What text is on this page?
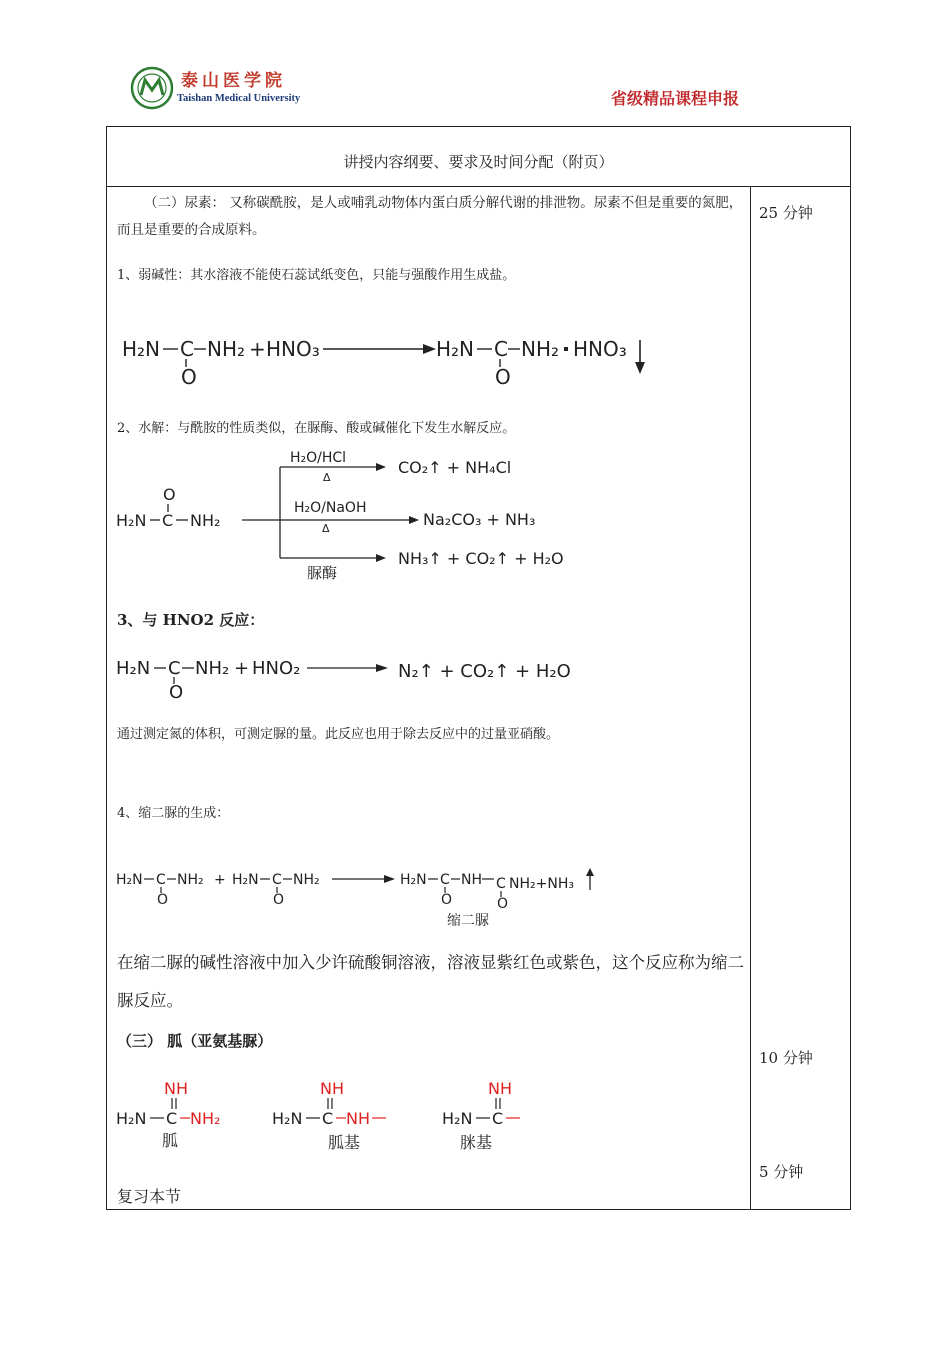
泰山医学院
Taishan Medical University	省级精品课程申报
讲授内容纲要、要求及时间分配（附页）
（二）尿素： 又称碳酰胺，是人或哺乳动物体内蛋白质分解代谢的排泄物。尿素不但是重要的氮肥，而且是重要的合成原料。
1、弱碱性：其水溶液不能使石蕊试纸变色，只能与强酸作用生成盐。
H₂N C
O
NH₂ + HNO₃	H₂N C
O
NH₂ HNO₃
2、水解：与酰胺的性质类似，在脲酶、酸或碱催化下发生水解反应。
H₂N C
O
NH₂
H₂O/HCl
Δ
H₂O/NaOH
Δ
脲酶
CO₂↑ + NH₄Cl
Na₂CO₃ + NH₃
NH₃↑ + CO₂↑ + H₂O
3、与 HNO2 反应：
H₂N C
O
NH₂ + HNO₂	N₂↑ + CO₂↑ + H₂O
通过测定氮的体积，可测定脲的量。此反应也用于除去反应中的过量亚硝酸。
4、缩二脲的生成：
H₂N C
O
NH₂ + H₂N C
O
NH₂	H₂N C
O
NH C
O
NH₂+NH₃
缩二脲
在缩二脲的碱性溶液中加入少许硫酸铜溶液，溶液显紫红色或紫色，这个反应称为缩二脲反应。
（三） 胍（亚氨基脲）
NH
H₂N C NH₂
胍
NH
H₂N C NH
胍基
NH
H₂N C
脒基
复习本节
25 分钟
10 分钟
5 分钟
